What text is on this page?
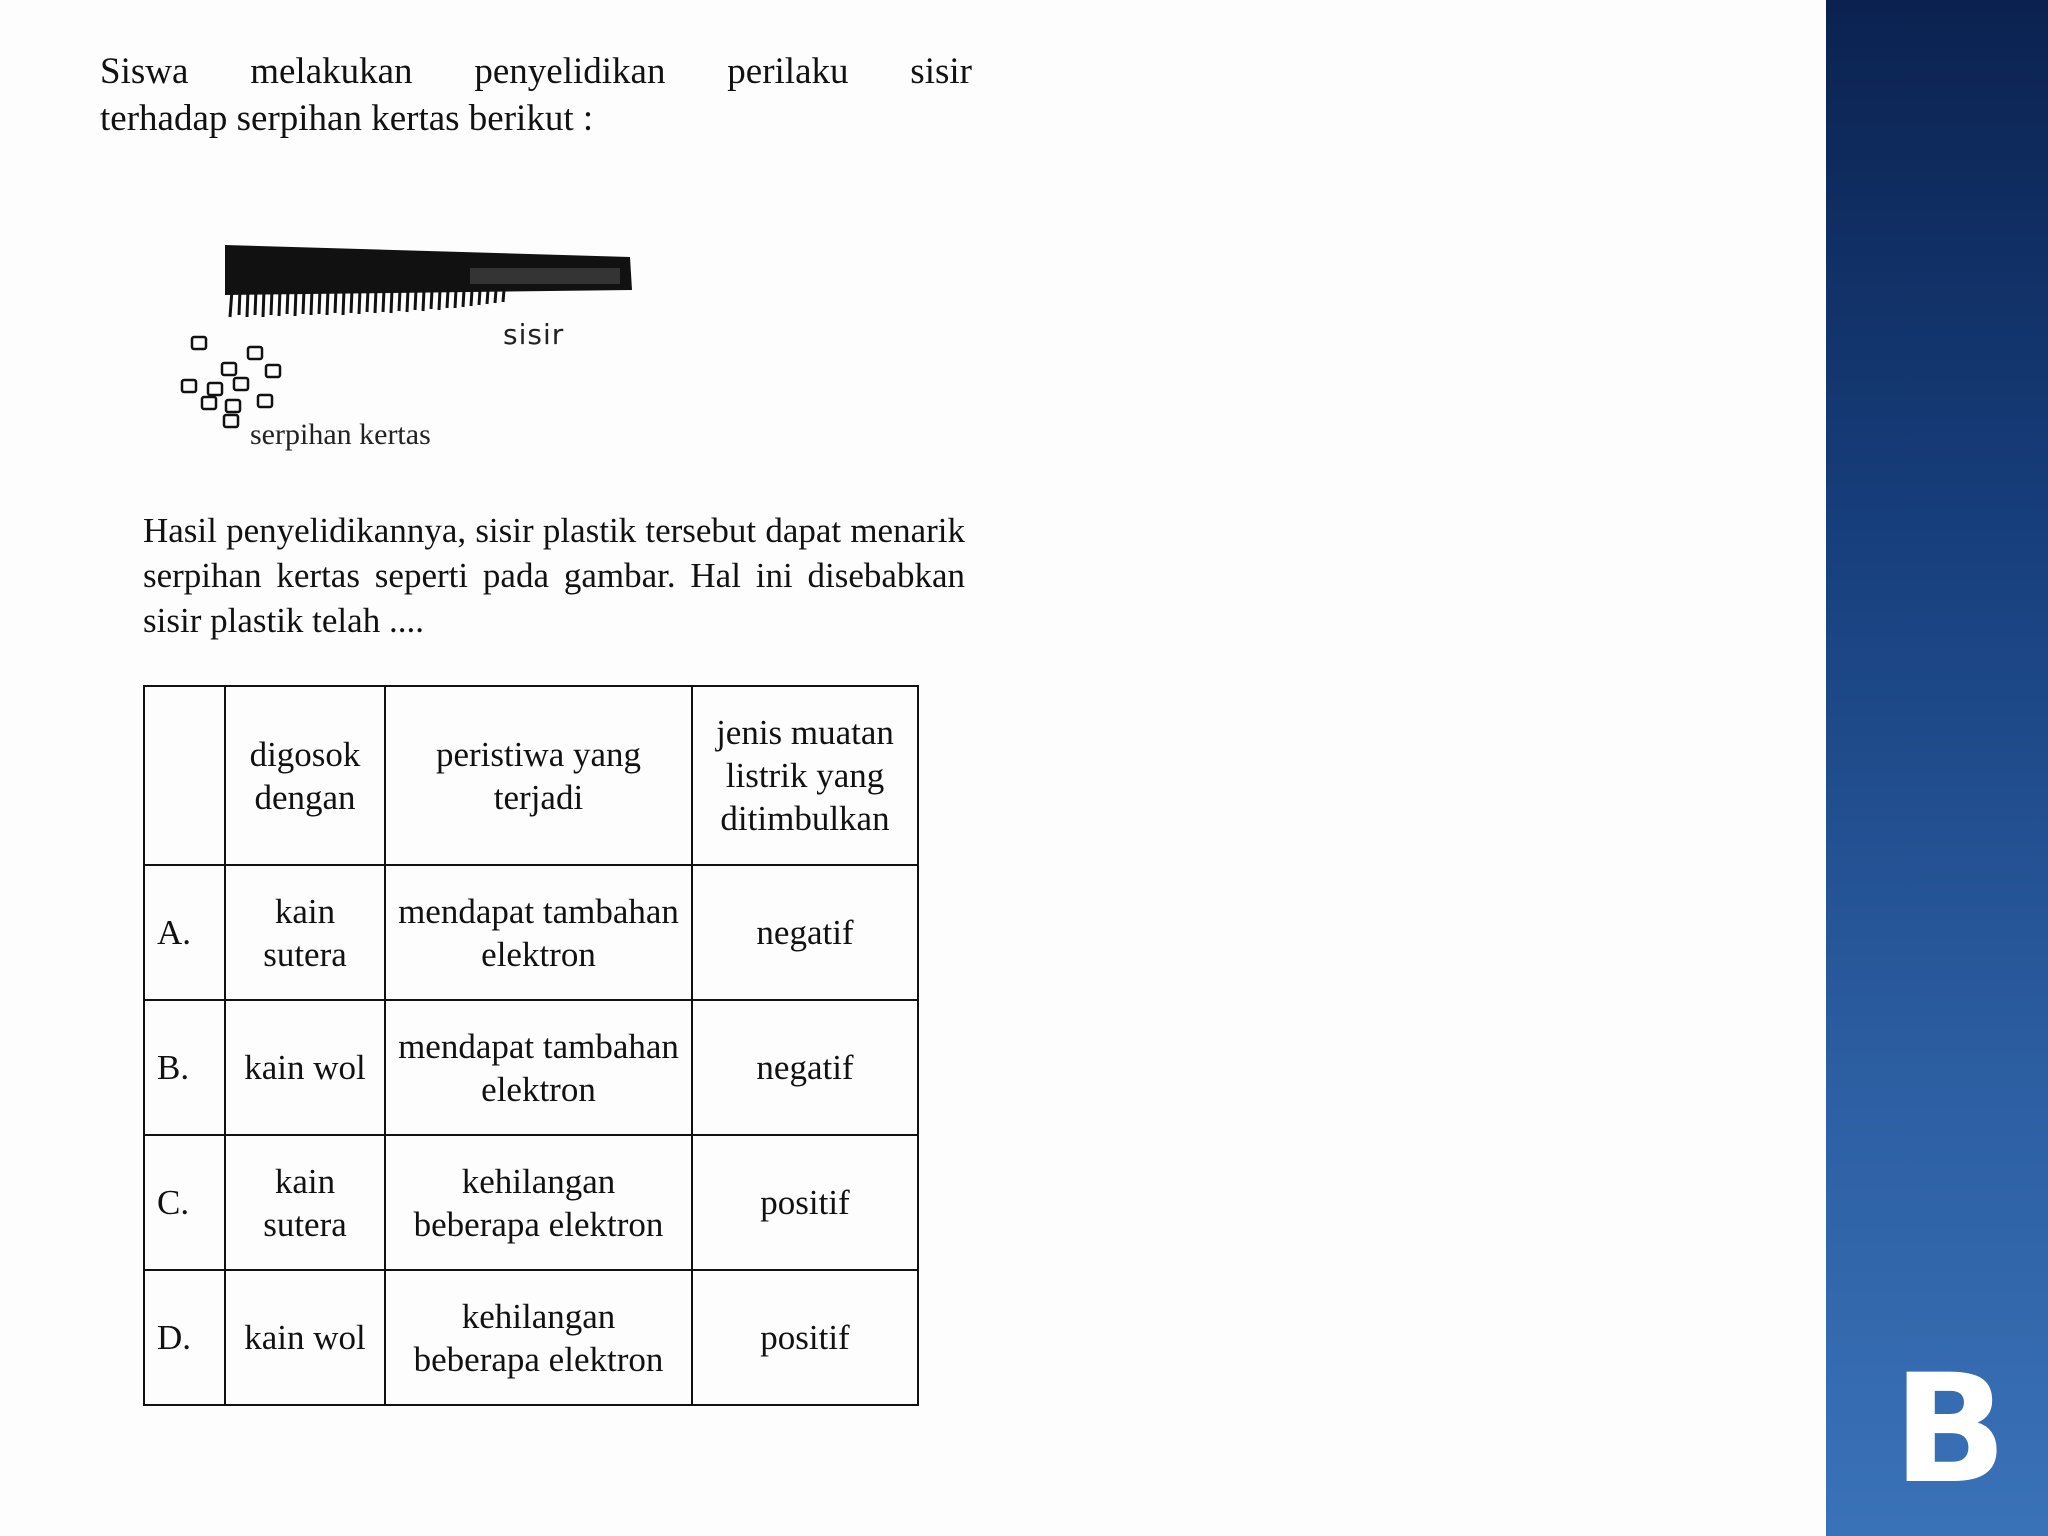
Siswa melakukan penyelidikan perilaku sisir
terhadap serpihan kertas berikut :
sisir
serpihan kertas
Hasil penyelidikannya, sisir plastik tersebut dapat menarik serpihan kertas seperti pada gambar. Hal ini disebabkan sisir plastik telah ....
	digosok dengan	peristiwa yang terjadi	jenis muatan listrik yang ditimbulkan
A.	kain sutera	mendapat tambahan elektron	negatif
B.	kain wol	mendapat tambahan elektron	negatif
C.	kain sutera	kehilangan beberapa elektron	positif
D.	kain wol	kehilangan beberapa elektron	positif
B
